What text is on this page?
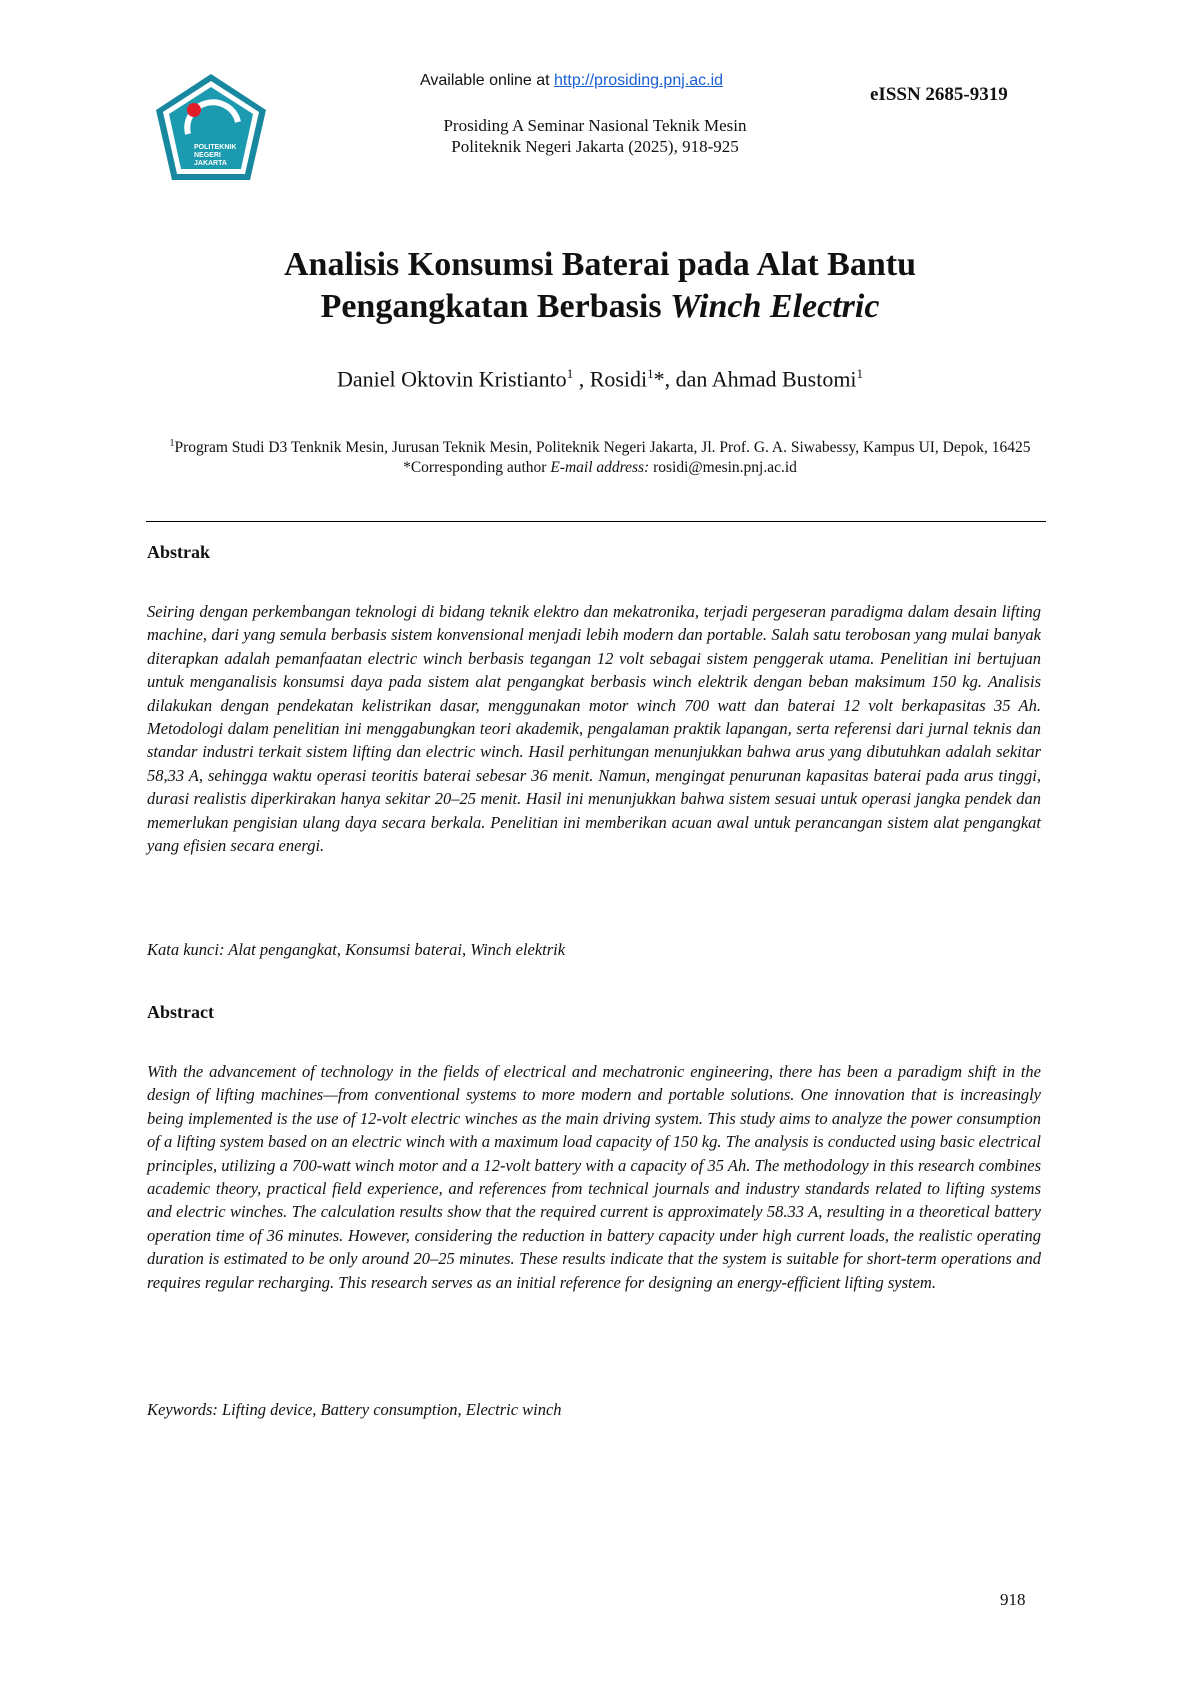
POLITEKNIK
NEGERI
JAKARTA
Available online at http://prosiding.pnj.ac.id
eISSN 2685-9319
Prosiding A Seminar Nasional Teknik Mesin
Politeknik Negeri Jakarta (2025), 918-925
Analisis Konsumsi Baterai pada Alat Bantu
Pengangkatan Berbasis Winch Electric
Daniel Oktovin Kristianto$^1$ , Rosidi$^1$*, dan Ahmad Bustomi$^1$
$^1$Program Studi D3 Tenknik Mesin, Jurusan Teknik Mesin, Politeknik Negeri Jakarta, Jl. Prof. G. A. Siwabessy, Kampus UI, Depok, 16425
*Corresponding author E-mail address: rosidi@mesin.pnj.ac.id
Abstrak
Seiring dengan perkembangan teknologi di bidang teknik elektro dan mekatronika, terjadi pergeseran paradigma dalam desain lifting machine, dari yang semula berbasis sistem konvensional menjadi lebih modern dan portable. Salah satu terobosan yang mulai banyak diterapkan adalah pemanfaatan electric winch berbasis tegangan 12 volt sebagai sistem penggerak utama. Penelitian ini bertujuan untuk menganalisis konsumsi daya pada sistem alat pengangkat berbasis winch elektrik dengan beban maksimum 150 kg. Analisis dilakukan dengan pendekatan kelistrikan dasar, menggunakan motor winch 700 watt dan baterai 12 volt berkapasitas 35 Ah. Metodologi dalam penelitian ini menggabungkan teori akademik, pengalaman praktik lapangan, serta referensi dari jurnal teknis dan standar industri terkait sistem lifting dan electric winch. Hasil perhitungan menunjukkan bahwa arus yang dibutuhkan adalah sekitar 58,33 A, sehingga waktu operasi teoritis baterai sebesar 36 menit. Namun, mengingat penurunan kapasitas baterai pada arus tinggi, durasi realistis diperkirakan hanya sekitar 20–25 menit. Hasil ini menunjukkan bahwa sistem sesuai untuk operasi jangka pendek dan memerlukan pengisian ulang daya secara berkala. Penelitian ini memberikan acuan awal untuk perancangan sistem alat pengangkat yang efisien secara energi.
Kata kunci: Alat pengangkat, Konsumsi baterai, Winch elektrik
Abstract
With the advancement of technology in the fields of electrical and mechatronic engineering, there has been a paradigm shift in the design of lifting machines—from conventional systems to more modern and portable solutions. One innovation that is increasingly being implemented is the use of 12-volt electric winches as the main driving system. This study aims to analyze the power consumption of a lifting system based on an electric winch with a maximum load capacity of 150 kg. The analysis is conducted using basic electrical principles, utilizing a 700-watt winch motor and a 12-volt battery with a capacity of 35 Ah. The methodology in this research combines academic theory, practical field experience, and references from technical journals and industry standards related to lifting systems and electric winches. The calculation results show that the required current is approximately 58.33 A, resulting in a theoretical battery operation time of 36 minutes. However, considering the reduction in battery capacity under high current loads, the realistic operating duration is estimated to be only around 20–25 minutes. These results indicate that the system is suitable for short-term operations and requires regular recharging. This research serves as an initial reference for designing an energy-efficient lifting system.
Keywords: Lifting device, Battery consumption, Electric winch
918
